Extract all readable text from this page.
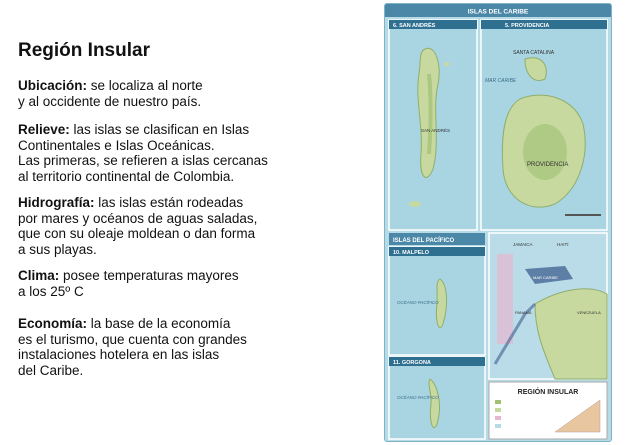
Región Insular
Ubicación: se localiza al norte
y al occidente de nuestro país.
Relieve: las islas se clasifican en Islas
Continentales e Islas Oceánicas.
Las primeras, se refieren a islas cercanas
al territorio continental de Colombia.
Hidrografía: las islas están rodeadas
por mares y océanos de aguas saladas,
que con su oleaje moldean o dan forma
a sus playas.
Clima: posee temperaturas mayores
a los 25º C
Economía: la base de la economía
es el turismo, que cuenta con grandes
instalaciones hotelera en las islas
del Caribe.
ISLAS DEL CARIBE
6. SAN ANDRÉS
SAN ANDRÉS
5. PROVIDENCIA
SANTA CATALINA
MAR CARIBE
PROVIDENCIA
ISLAS DEL PACÍFICO
10. MALPELO
OCÉANO PACÍFICO
11. GORGONA
OCÉANO PACÍFICO
JAMAICA	HAITÍ
MAR CARIBE
PANAMÁ	VENEZUELA
REGIÓN INSULAR
